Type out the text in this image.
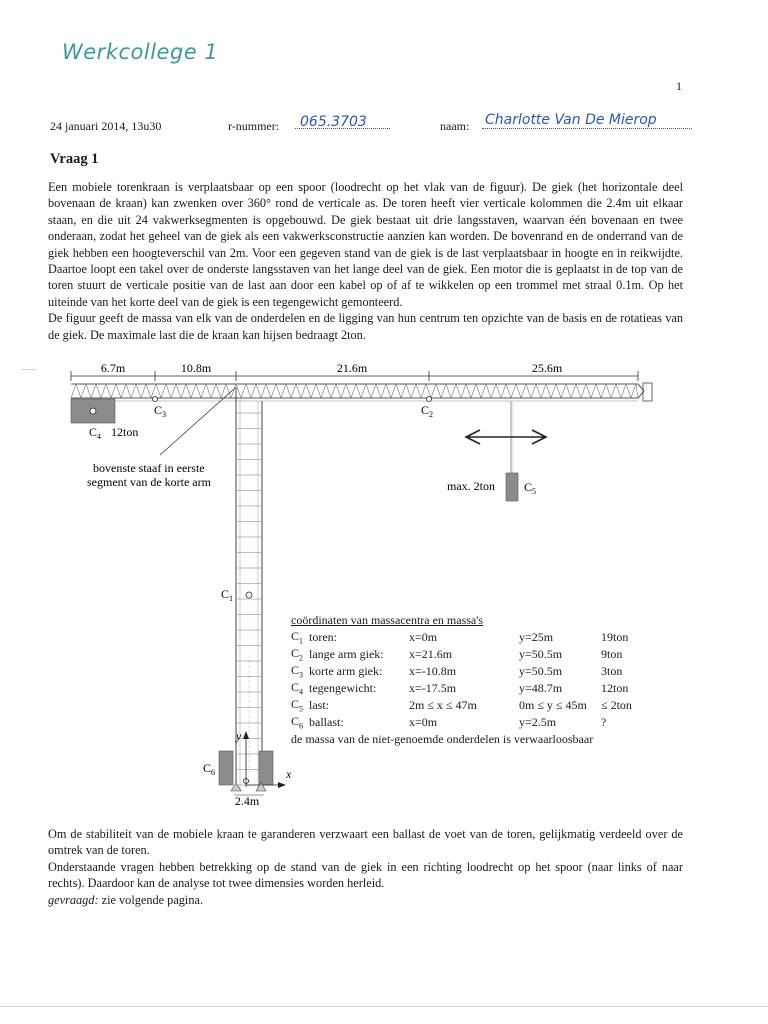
Werkcollege 1
1
24 januari 2014, 13u30	r-nummer: 065.3703	naam: Charlotte Van De Mierop
Vraag 1

Een mobiele torenkraan is verplaatsbaar op een spoor (loodrecht op het vlak van de figuur). De giek (het horizontale deel bovenaan de kraan) kan zwenken over 360° rond de verticale as. De toren heeft vier verticale kolommen die 2.4m uit elkaar staan, en die uit 24 vakwerksegmenten is opgebouwd. De giek bestaat uit drie langsstaven, waarvan één bovenaan en twee onderaan, zodat het geheel van de giek als een vakwerksconstructie aanzien kan worden. De bovenrand en de onderrand van de giek hebben een hoogteverschil van 2m. Voor een gegeven stand van de giek is de last verplaatsbaar in hoogte en in reikwijdte. Daartoe loopt een takel over de onderste langsstaven van het lange deel van de giek. Een motor die is geplaatst in de top van de toren stuurt de verticale positie van de last aan door een kabel op of af te wikkelen op een trommel met straal 0.1m. Op het uiteinde van het korte deel van de giek is een tegengewicht gemonteerd.

De figuur geeft de massa van elk van de onderdelen en de ligging van hun centrum ten opzichte van de basis en de rotatieas van de giek. De maximale last die de kraan kan hijsen bedraagt 2ton.

6.7m	10.8m	21.6m	25.6m
$C_3$	$C_2$
$C_4$ 12ton
bovenste staaf in eerste
segment van de korte arm	max. 2ton $C_5$
$C_1$
$C_6$
y
x
2.4m
coördinaten van massacentra en massa's
$C_1$	toren:	x=0m	y=25m	19ton
$C_2$	lange arm giek:	x=21.6m	y=50.5m	9ton
$C_3$	korte arm giek:	x=-10.8m	y=50.5m	3ton
$C_4$	tegengewicht:	x=-17.5m	y=48.7m	12ton
$C_5$	last:	2m ≤ x ≤ 47m	0m ≤ y ≤ 45m	≤ 2ton
$C_6$	ballast:	x=0m	y=2.5m	?
de massa van de niet-genoemde onderdelen is verwaarloosbaar

Om de stabiliteit van de mobiele kraan te garanderen verzwaart een ballast de voet van de toren, gelijkmatig verdeeld over de omtrek van de toren.

Onderstaande vragen hebben betrekking op de stand van de giek in een richting loodrecht op het spoor (naar links of naar rechts). Daardoor kan de analyse tot twee dimensies worden herleid.

gevraagd: zie volgende pagina.
